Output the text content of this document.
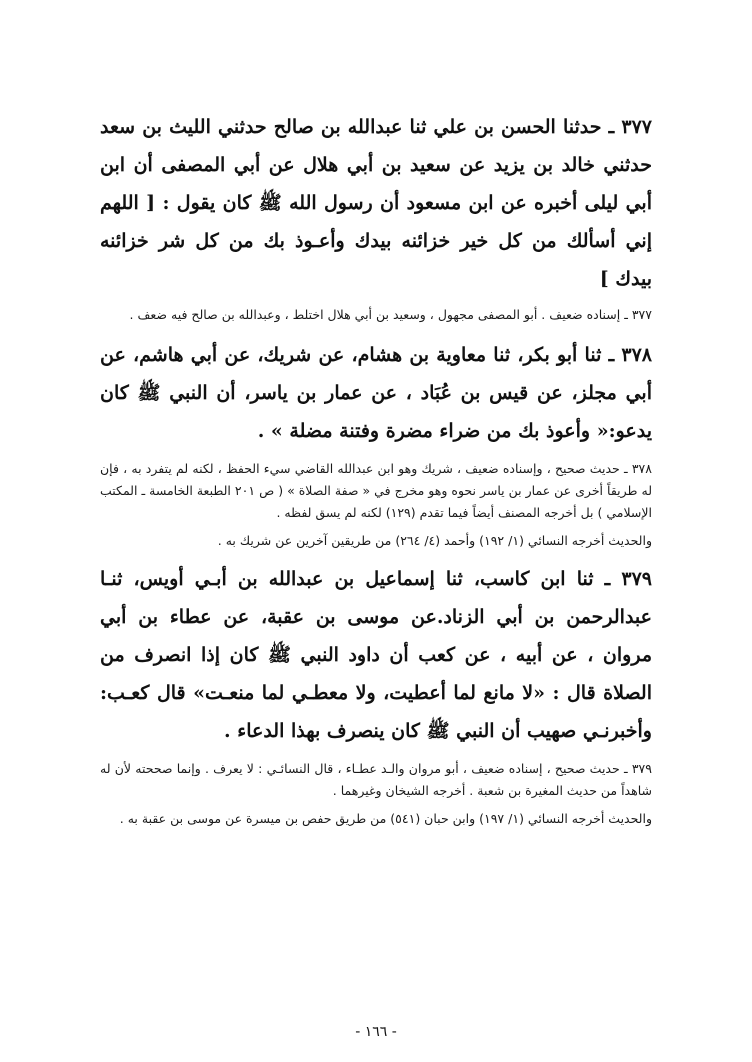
٣٧٧ ـ حدثنا الحسن بن علي ثنا عبدالله بن صالح حدثني الليث بن سعد حدثني خالد بن يزيد عن سعيد بن أبي هلال عن أبي المصفى أن ابن أبي ليلى أخبره عن ابن مسعود أن رسول الله ﷺ كان يقول : [ اللهم إني أسألك من كل خير خزائنه بيدك وأعـوذ بك من كل شر خزائنه بيدك ]

٣٧٧ ـ إسناده ضعيف . أبو المصفى مجهول ، وسعيد بن أبي هلال اختلط ، وعبدالله بن صالح فيه ضعف .

٣٧٨ ـ ثنا أبو بكر، ثنا معاوية بن هشام، عن شريك، عن أبي هاشم، عن أبي مجلز، عن قيس بن عُبَاد ، عن عمار بن ياسر، أن النبي ﷺ كان يدعو:« وأعوذ بك من ضراء مضرة وفتنة مضلة » .

٣٧٨ ـ حديث صحيح ، وإسناده ضعيف ، شريك وهو ابن عبدالله القاضي سيء الحفظ ، لكنه لم يتفرد به ، فإن له طريقاً أخرى عن عمار بن ياسر نحوه وهو مخرج في « صفة الصلاة » ( ص ٢٠١ الطبعة الخامسة ـ المكتب الإسلامي ) بل أخرجه المصنف أيضاً فيما تقدم (١٢٩) لكنه لم يسق لفظه .

والحديث أخرجه النسائي (١/ ١٩٢) وأحمد (٤/ ٢٦٤) من طريقين آخرين عن شريك به .

٣٧٩ ـ ثنا ابن كاسب، ثنا إسماعيل بن عبدالله بن أبـي أويس، ثنـا عبدالرحمن بن أبي الزناد.عن موسى بن عقبة، عن عطاء بن أبي مروان ، عن أبيه ، عن كعب أن داود النبي ﷺ كان إذا انصرف من الصلاة قال : «لا مانع لما أعطيت، ولا معطـي لما منعـت» قال كعـب: وأخبرنـي صهيب أن النبي ﷺ كان ينصرف بهذا الدعاء .

٣٧٩ ـ حديث صحيح ، إسناده ضعيف ، أبو مروان والـد عطـاء ، قال النسائـي : لا يعرف . وإنما صححته لأن له شاهداً من حديث المغيرة بن شعبة . أخرجه الشيخان وغيرهما .

والحديث أخرجه النسائي (١/ ١٩٧) وابن حبان (٥٤١) من طريق حفص بن ميسرة عن موسى بن عقبة به .

- ١٦٦ -
